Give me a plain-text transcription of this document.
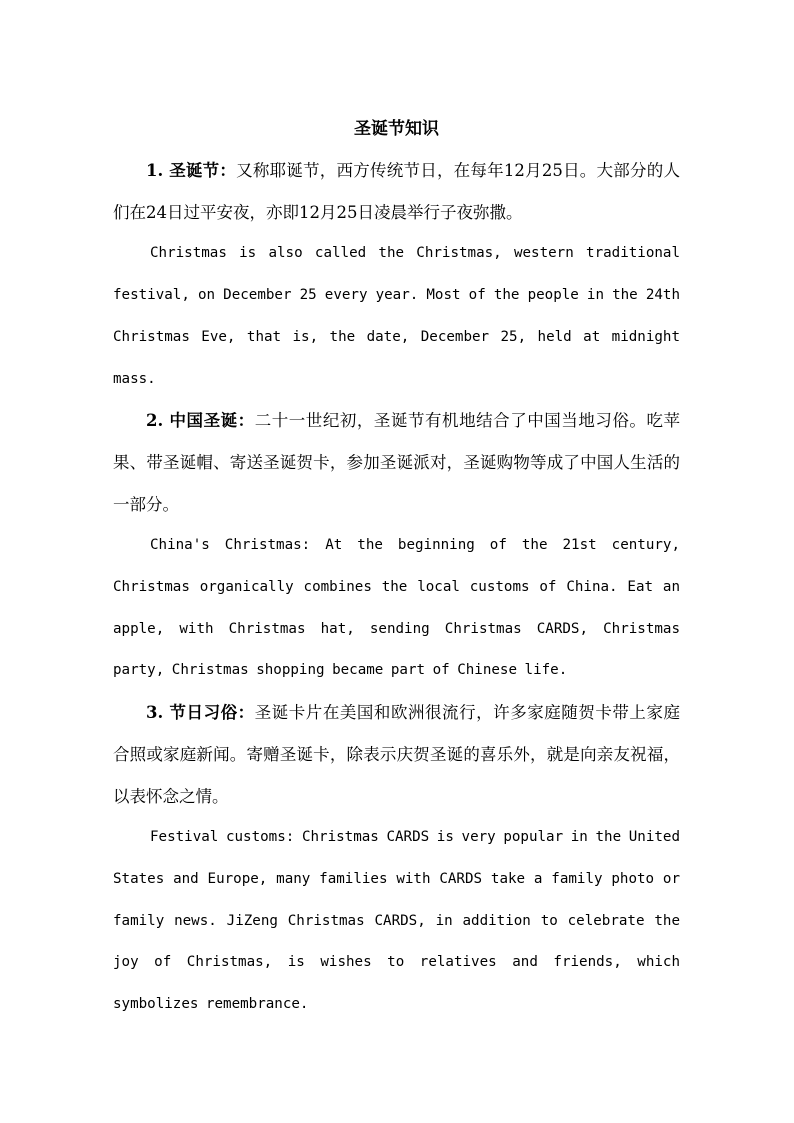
圣诞节知识

1. 圣诞节：又称耶诞节，西方传统节日，在每年12月25日。大部分的人们在24日过平安夜，亦即12月25日凌晨举行子夜弥撒。

Christmas is also called the Christmas, western traditional festival, on December 25 every year. Most of the people in the 24th Christmas Eve, that is, the date, December 25, held at midnight mass.

2. 中国圣诞：二十一世纪初，圣诞节有机地结合了中国当地习俗。吃苹果、带圣诞帽、寄送圣诞贺卡，参加圣诞派对，圣诞购物等成了中国人生活的一部分。

China's Christmas: At the beginning of the 21st century, Christmas organically combines the local customs of China. Eat an apple, with Christmas hat, sending Christmas CARDS, Christmas party, Christmas shopping became part of Chinese life.

3. 节日习俗：圣诞卡片在美国和欧洲很流行，许多家庭随贺卡带上家庭合照或家庭新闻。寄赠圣诞卡，除表示庆贺圣诞的喜乐外，就是向亲友祝福，以表怀念之情。

Festival customs: Christmas CARDS is very popular in the United States and Europe, many families with CARDS take a family photo or family news. JiZeng Christmas CARDS, in addition to celebrate the joy of Christmas, is wishes to relatives and friends, which symbolizes remembrance.
